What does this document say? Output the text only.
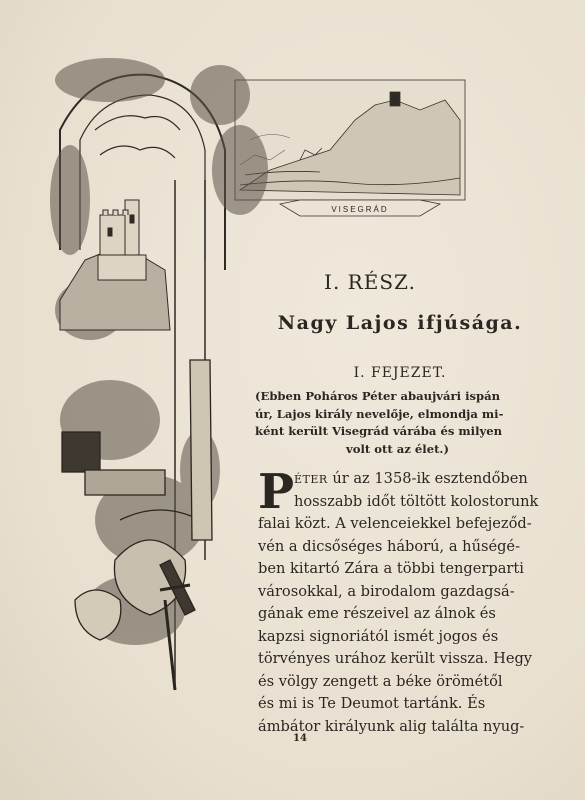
VISEGRÁD
I. RÉSZ.
Nagy Lajos ifjúsága.
I. FEJEZET.
(Ebben Poháros Péter abaujvári ispán
úr, Lajos király nevelője, elmondja mi-
ként került Visegrád várába és milyen
volt ott az élet.)
P ÉTER úr az 1358-ik esztendőben
hosszabb időt töltött kolostorunk
falai közt. A velenceiekkel befejeződ-
vén a dicsőséges háború, a hűségé-
ben kitartó Zára a többi tengerparti
városokkal, a birodalom gazdagsá-
gának eme részeivel az álnok és
kapzsi signoriától ismét jogos és
törvényes urához került vissza. Hegy
és völgy zengett a béke örömétől
és mi is Te Deumot tartánk. És
ámbátor királyunk alig találta nyug-
14
